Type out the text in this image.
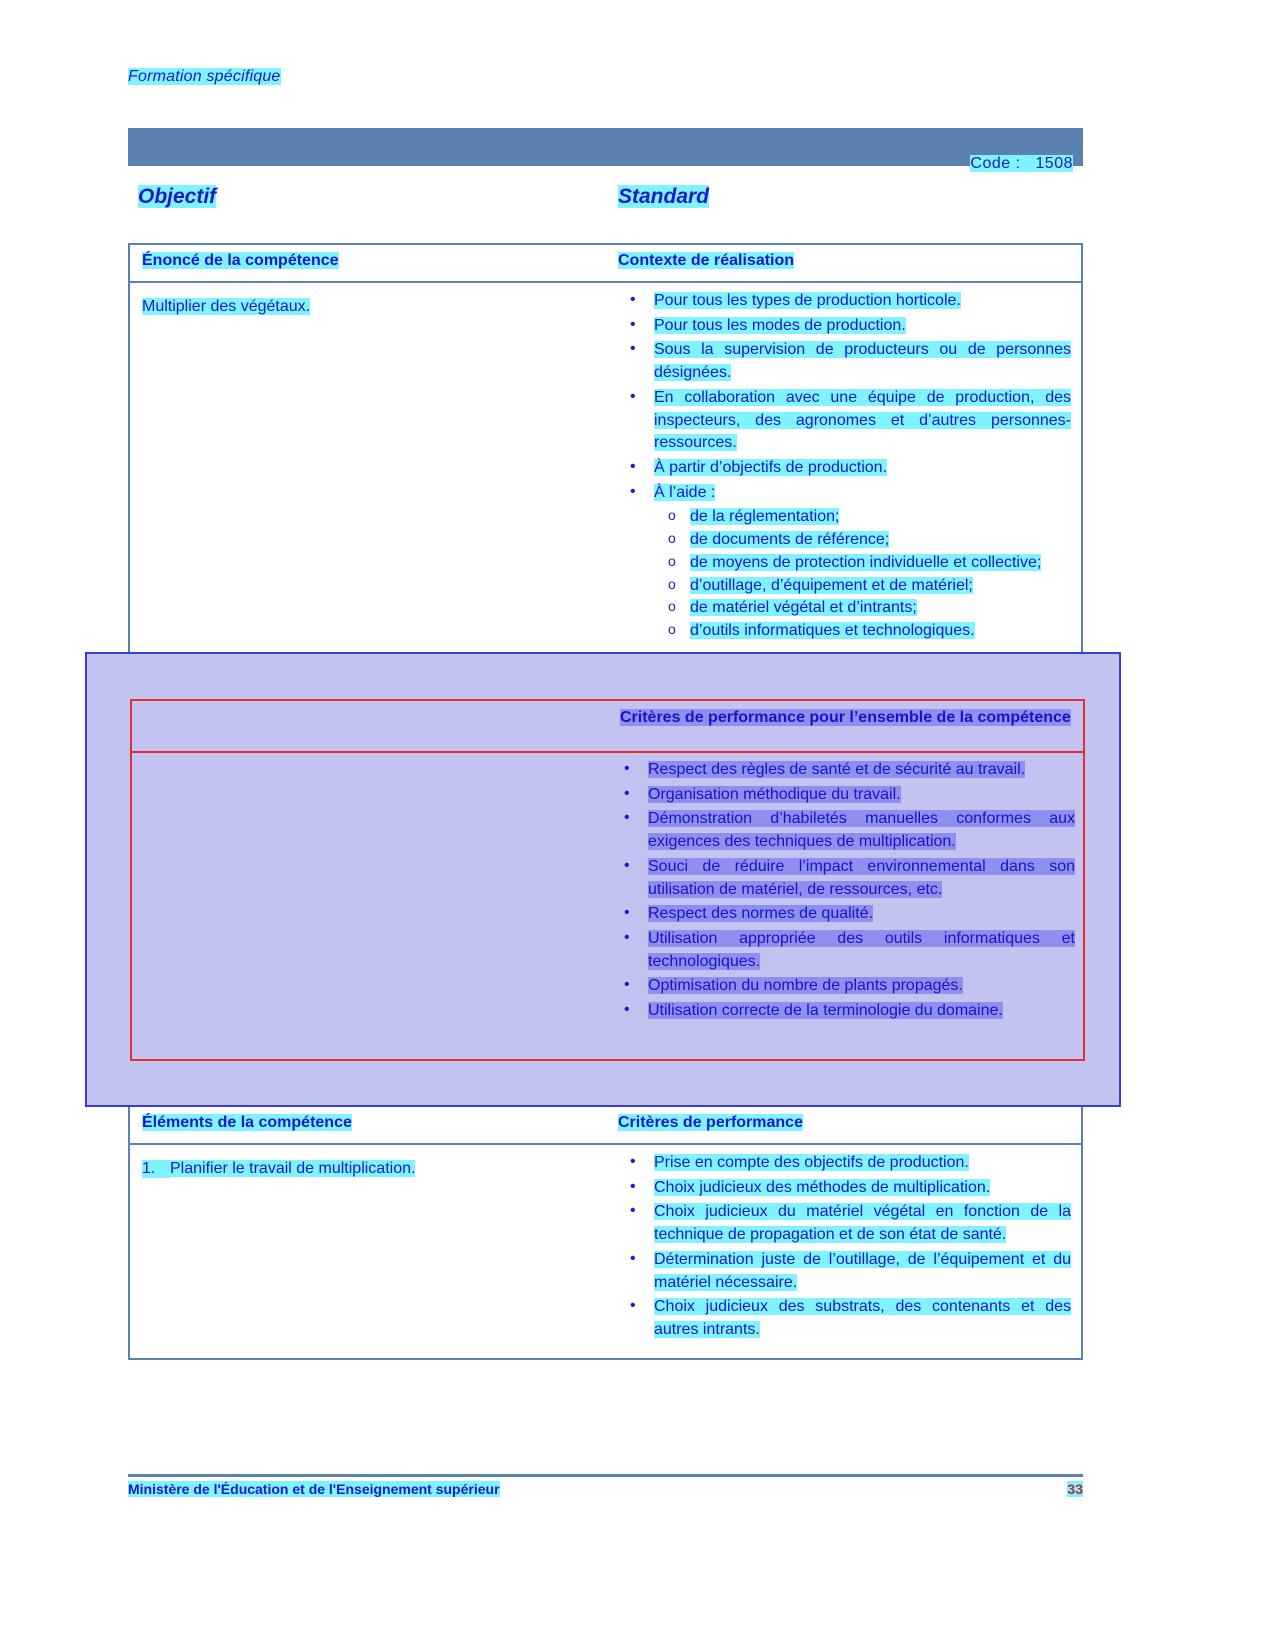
Formation spécifique

Code : 1508

Objectif	Standard
Énoncé de la compétence	Contexte de réalisation
Multiplier des végétaux.	• Pour tous les types de production horticole.
• Pour tous les modes de production.
• Sous la supervision de producteurs ou de personnes désignées.
• En collaboration avec une équipe de production, des inspecteurs, des agronomes et d’autres personnes-ressources.
• À partir d’objectifs de production.
• À l’aide :
o de la réglementation;
o de documents de référence;
o de moyens de protection individuelle et collective;
o d’outillage, d’équipement et de matériel;
o de matériel végétal et d’intrants;
o d’outils informatiques et technologiques.
Critères de performance pour l’ensemble de la compétence
• Respect des règles de santé et de sécurité au travail.
• Organisation méthodique du travail.
• Démonstration d’habiletés manuelles conformes aux exigences des techniques de multiplication.
• Souci de réduire l’impact environnemental dans son utilisation de matériel, de ressources, etc.
• Respect des normes de qualité.
• Utilisation appropriée des outils informatiques et technologiques.
• Optimisation du nombre de plants propagés.
• Utilisation correcte de la terminologie du domaine.
Éléments de la compétence	Critères de performance
1. Planifier le travail de multiplication.	• Prise en compte des objectifs de production.
• Choix judicieux des méthodes de multiplication.
• Choix judicieux du matériel végétal en fonction de la technique de propagation et de son état de santé.
• Détermination juste de l’outillage, de l’équipement et du matériel nécessaire.
• Choix judicieux des substrats, des contenants et des autres intrants.
Ministère de l'Éducation et de l'Enseignement supérieur	33
